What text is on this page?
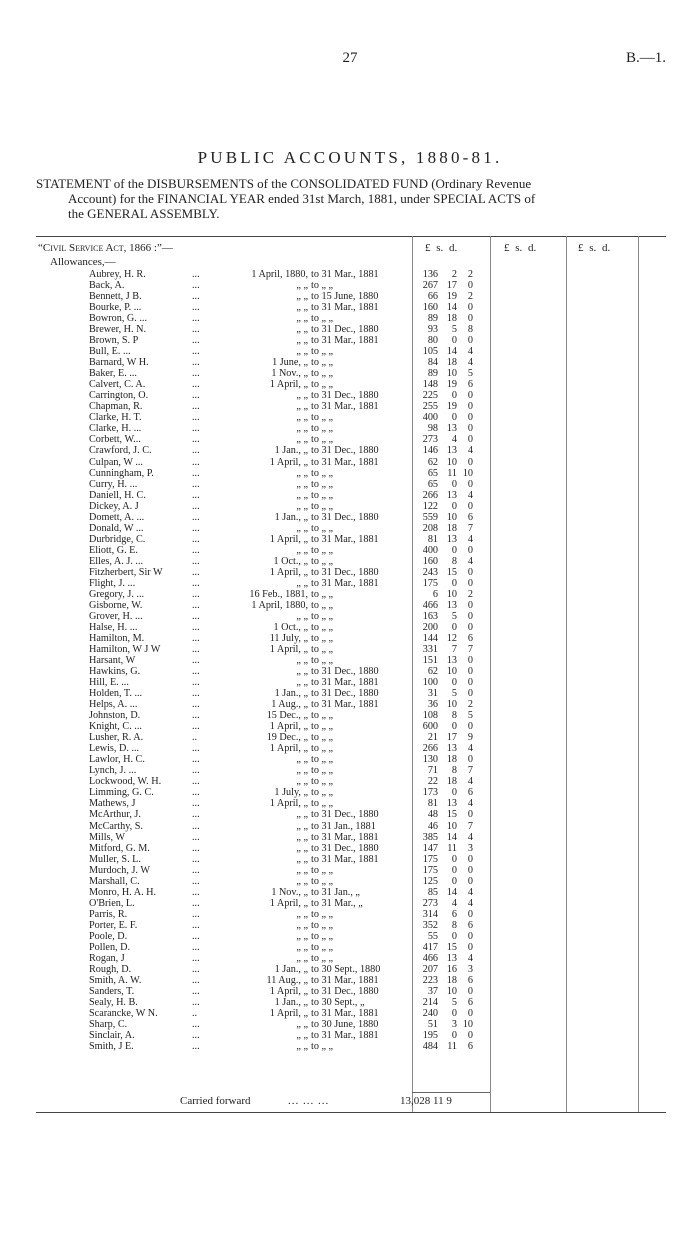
27	B.—1.
PUBLIC ACCOUNTS, 1880-81.

STATEMENT of the DISBURSEMENTS of the CONSOLIDATED FUND (Ordinary Revenue

Account) for the FINANCIAL YEAR ended 31st March, 1881, under SPECIAL ACTS of

the GENERAL ASSEMBLY.

“Civil Service Act, 1866 :”—
Allowances,—
£ s. d.	£ s. d.	£ s. d.
Aubrey, H. R.	...	1 April, 1880, to 31 Mar., 1881	136	2	2
Back, A.	...	„ „ to „ „	267 17	0
Bennett, J B.	...	„ „ to 15 June, 1880	66 19	2
Bourke, P. ...	...	„ „ to 31 Mar., 1881	160 14	0
Bowron, G. ...	...	„ „ to „ „	89 18	0
Brewer, H. N.	...	„ „ to 31 Dec., 1880	93	5	8
Brown, S. P	...	„ „ to 31 Mar., 1881	80	0	0
Bull, E. ...	...	„ „ to „ „	105 14	4
Barnard, W H.	...	1 June, „ to „ „	84 18	4
Baker, E. ...	...	1 Nov., „ to „ „	89 10	5
Calvert, C. A.	...	1 April, „ to „ „	148 19	6
Carrington, O.	...	„ „ to 31 Dec., 1880	225	0	0
Chapman, R.	...	„ „ to 31 Mar., 1881	255 19	0
Clarke, H. T.	...	„ „ to „ „	400	0	0
Clarke, H. ...	...	„ „ to „ „	98 13	0
Corbett, W...	...	„ „ to „ „	273	4	0
Crawford, J. C.	...	1 Jan., „ to 31 Dec., 1880	146 13	4
Culpan, W ...	...	1 April, „ to 31 Mar., 1881	62 10	0
Cunningham, P.	...	„ „ to „ „	65 11 10
Curry, H. ...	...	„ „ to „ „	65	0	0
Daniell, H. C.	...	„ „ to „ „	266 13	4
Dickey, A. J	...	„ „ to „ „	122	0	0
Domett, A. ...	...	1 Jan., „ to 31 Dec., 1880	559 10	6
Donald, W ...	...	„ „ to „ „	208 18	7
Durbridge, C.	...	1 April, „ to 31 Mar., 1881	81 13	4
Eliott, G. E.	...	„ „ to „ „	400	0	0
Elles, A. J. ...	...	1 Oct., „ to „ „	160	8	4
Fitzherbert, Sir W	...	1 April, „ to 31 Dec., 1880	243 15	0
Flight, J. ...	...	„ „ to 31 Mar., 1881	175	0	0
Gregory, J. ...	...	16 Feb., 1881, to „ „	6 10	2
Gisborne, W.	...	1 April, 1880, to „ „	466 13	0
Grover, H. ...	...	„ „ to „ „	163	5	0
Halse, H. ...	...	1 Oct., „ to „ „	200	0	0
Hamilton, M.	...	11 July, „ to „ „	144 12	6
Hamilton, W J W	...	1 April, „ to „ „	331	7	7
Harsant, W	...	„ „ to „ „	151 13	0
Hawkins, G.	...	„ „ to 31 Dec., 1880	62 10	0
Hill, E. ...	...	„ „ to 31 Mar., 1881	100	0	0
Holden, T. ...	...	1 Jan., „ to 31 Dec., 1880	31	5	0
Helps, A. ...	...	1 Aug., „ to 31 Mar., 1881	36 10	2
Johnston, D.	...	15 Dec., „ to „ „	108	8	5
Knight, C. ...	...	1 April, „ to „ „	600	0	0
Lusher, R. A.	..	19 Dec., „ to „ „	21 17	9
Lewis, D. ...	...	1 April, „ to „ „	266 13	4
Lawlor, H. C.	...	„ „ to „ „	130 18	0
Lynch, J. ...	...	„ „ to „ „	71	8	7
Lockwood, W. H.	...	„ „ to „ „	22 18	4
Limming, G. C.	...	1 July, „ to „ „	173	0	6
Mathews, J	...	1 April, „ to „ „	81 13	4
McArthur, J.	...	„ „ to 31 Dec., 1880	48 15	0
McCarthy, S.	...	„ „ to 31 Jan., 1881	46 10	7
Mills, W	...	„ „ to 31 Mar., 1881	385 14	4
Mitford, G. M.	...	„ „ to 31 Dec., 1880	147 11	3
Muller, S. L.	...	„ „ to 31 Mar., 1881	175	0	0
Murdoch, J. W	...	„ „ to „ „	175	0	0
Marshall, C.	...	„ „ to „ „	125	0	0
Monro, H. A. H.	...	1 Nov., „ to 31 Jan., „	85 14	4
O'Brien, L.	...	1 April, „ to 31 Mar., „	273	4	4
Parris, R.	...	„ „ to „ „	314	6	0
Porter, E. F.	...	„ „ to „ „	352	8	6
Poole, D.	...	„ „ to „ „	55	0	0
Pollen, D.	...	„ „ to „ „	417 15	0
Rogan, J	...	„ „ to „ „	466 13	4
Rough, D.	...	1 Jan., „ to 30 Sept., 1880	207 16	3
Smith, A. W.	...	11 Aug., „ to 31 Mar., 1881	223 18	6
Sanders, T.	...	1 April, „ to 31 Dec., 1880	37 10	0
Sealy, H. B.	...	1 Jan., „ to 30 Sept., „	214	5	6
Scarancke, W N.	..	1 April, „ to 31 Mar., 1881	240	0	0
Sharp, C.	...	„ „ to 30 June, 1880	51	3 10
Sinclair, A.	...	„ „ to 31 Mar., 1881	195	0	0
Smith, J E.	...	„ „ to „ „	484 11	6
Carried forward	... ... ...	13,028 11 9
